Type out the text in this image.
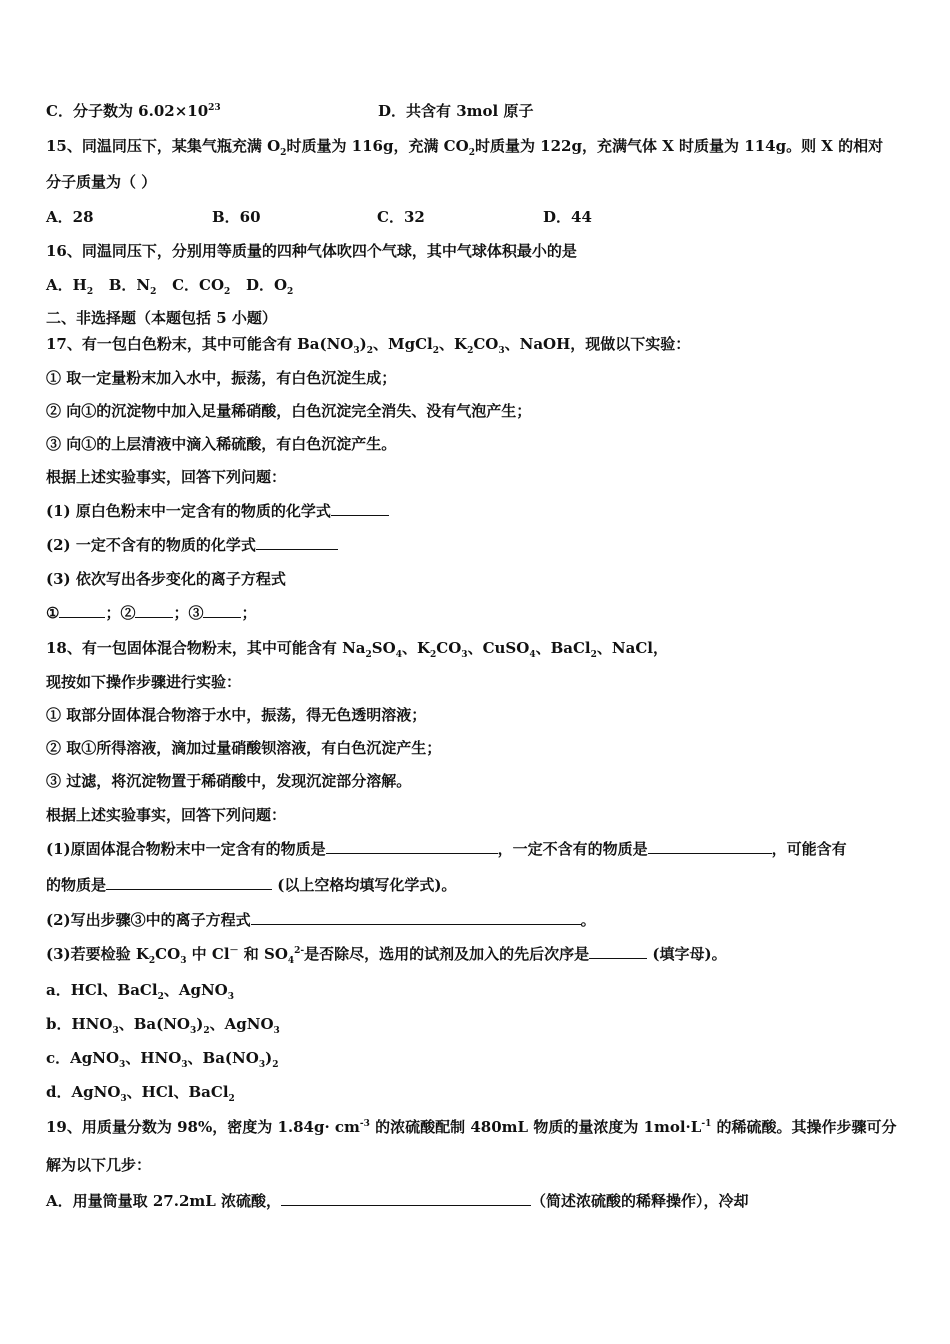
C．分子数为 $6.02\times 10^{23}$	D．共含有 3mol 原子
15、同温同压下，某集气瓶充满 $O_2$时质量为 116g，充满 $CO_2$时质量为 122g，充满气体 X 时质量为 114g。则 X 的相对
分子质量为（ ）
A．28	B．60	C．32	D．44
16、同温同压下，分别用等质量的四种气体吹四个气球，其中气球体积最小的是
A．$H_2$ B．$N_2$ C．$CO_2$ D．$O_2$
二、非选择题（本题包括 5 小题）
17、有一包白色粉末，其中可能含有 $Ba(NO_3)_2$、MgCl$_2$、$K_2CO_3$、NaOH，现做以下实验：
① 取一定量粉末加入水中，振荡，有白色沉淀生成；
② 向①的沉淀物中加入足量稀硝酸，白色沉淀完全消失、没有气泡产生；
③ 向①的上层清液中滴入稀硫酸，有白色沉淀产生。
根据上述实验事实，回答下列问题：
(1) 原白色粉末中一定含有的物质的化学式
(2) 一定不含有的物质的化学式
(3) 依次写出各步变化的离子方程式
①	；②	；③	；
18、有一包固体混合物粉末，其中可能含有 $Na_2SO_4$、$K_2CO_3$、CuSO$_4$、BaCl$_2$、NaCl，
现按如下操作步骤进行实验：
① 取部分固体混合物溶于水中，振荡，得无色透明溶液；
② 取①所得溶液，滴加过量硝酸钡溶液，有白色沉淀产生；
③ 过滤，将沉淀物置于稀硝酸中，发现沉淀部分溶解。
根据上述实验事实，回答下列问题：
(1)原固体混合物粉末中一定含有的物质是	，一定不含有的物质是	，可能含有
的物质是	(以上空格均填写化学式)。
(2)写出步骤③中的离子方程式	。
(3)若要检验 $K_2CO_3$ 中 Cl－ 和 $SO_4^{2-}$是否除尽，选用的试剂及加入的先后次序是	(填字母)。
a．HCl、BaCl$_2$、AgNO$_3$
b．$HNO_3$、$Ba(NO_3)_2$、AgNO$_3$
c．AgNO$_3$、$HNO_3$、$Ba(NO_3)_2$
d．AgNO$_3$、HCl、BaCl$_2$
19、用质量分数为 98%，密度为 $1.84g\cdot cm^{-3}$ 的浓硫酸配制 480mL 物质的量浓度为 $1mol\cdot L^{-1}$ 的稀硫酸。其操作步骤可分
解为以下几步：
A．用量筒量取 27.2mL 浓硫酸，	（简述浓硫酸的稀释操作），冷却
